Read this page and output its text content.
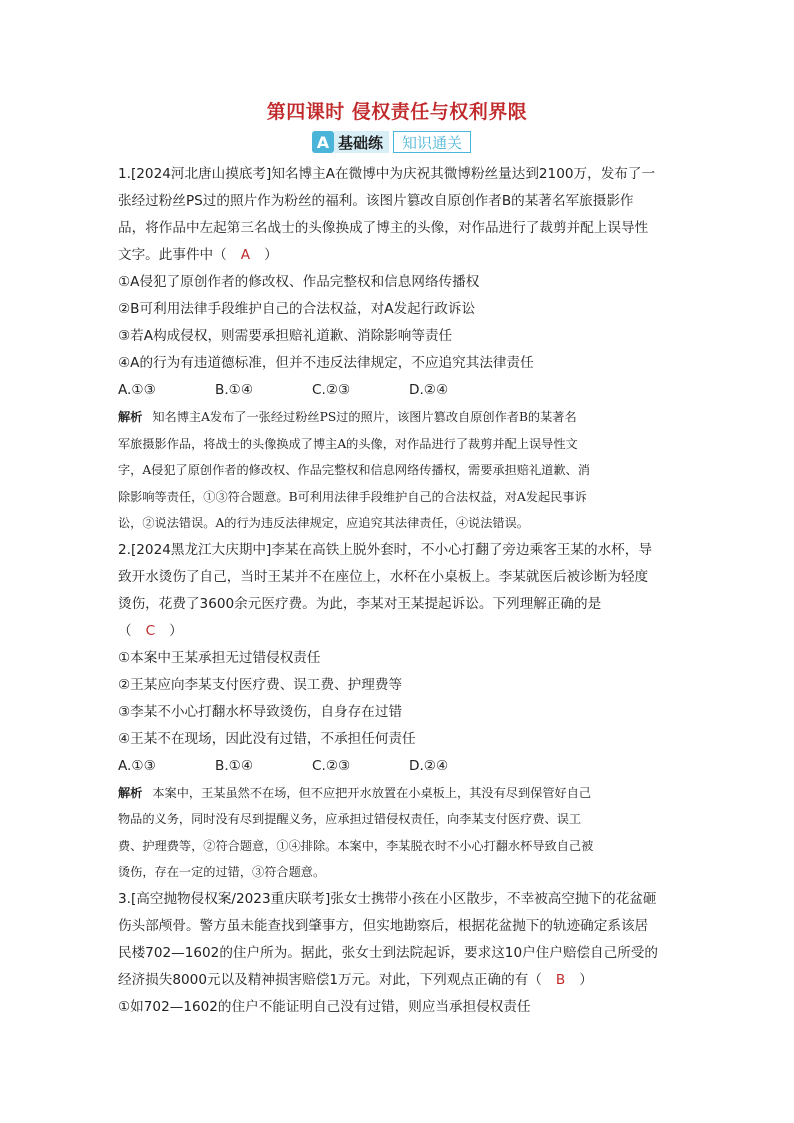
第四课时 侵权责任与权利界限
A 基础练	知识通关
1.[2024河北唐山摸底考]知名博主A在微博中为庆祝其微博粉丝量达到2100万，发布了一
张经过粉丝PS过的照片作为粉丝的福利。该图片篡改自原创作者B的某著名军旅摄影作
品，将作品中左起第三名战士的头像换成了博主的头像，对作品进行了裁剪并配上误导性
文字。此事件中（ A ）
①A侵犯了原创作者的修改权、作品完整权和信息网络传播权
②B可利用法律手段维护自己的合法权益，对A发起行政诉讼
③若A构成侵权，则需要承担赔礼道歉、消除影响等责任
④A的行为有违道德标准，但并不违反法律规定，不应追究其法律责任
A.①③	B.①④	C.②③	D.②④
解析 知名博主A发布了一张经过粉丝PS过的照片，该图片篡改自原创作者B的某著名
军旅摄影作品，将战士的头像换成了博主A的头像，对作品进行了裁剪并配上误导性文
字，A侵犯了原创作者的修改权、作品完整权和信息网络传播权，需要承担赔礼道歉、消
除影响等责任，①③符合题意。B可利用法律手段维护自己的合法权益，对A发起民事诉
讼，②说法错误。A的行为违反法律规定，应追究其法律责任，④说法错误。
2.[2024黑龙江大庆期中]李某在高铁上脱外套时，不小心打翻了旁边乘客王某的水杯，导
致开水烫伤了自己，当时王某并不在座位上，水杯在小桌板上。李某就医后被诊断为轻度
烫伤，花费了3600余元医疗费。为此，李某对王某提起诉讼。下列理解正确的是
（ C ）
①本案中王某承担无过错侵权责任
②王某应向李某支付医疗费、误工费、护理费等
③李某不小心打翻水杯导致烫伤，自身存在过错
④王某不在现场，因此没有过错，不承担任何责任
A.①③	B.①④	C.②③	D.②④
解析 本案中，王某虽然不在场，但不应把开水放置在小桌板上，其没有尽到保管好自己
物品的义务，同时没有尽到提醒义务，应承担过错侵权责任，向李某支付医疗费、误工
费、护理费等，②符合题意，①④排除。本案中，李某脱衣时不小心打翻水杯导致自己被
烫伤，存在一定的过错，③符合题意。
3.[高空抛物侵权案/2023重庆联考]张女士携带小孩在小区散步，不幸被高空抛下的花盆砸
伤头部颅骨。警方虽未能查找到肇事方，但实地勘察后，根据花盆抛下的轨迹确定系该居
民楼702—1602的住户所为。据此，张女士到法院起诉，要求这10户住户赔偿自己所受的
经济损失8000元以及精神损害赔偿1万元。对此，下列观点正确的有（ B ）
①如702—1602的住户不能证明自己没有过错，则应当承担侵权责任
